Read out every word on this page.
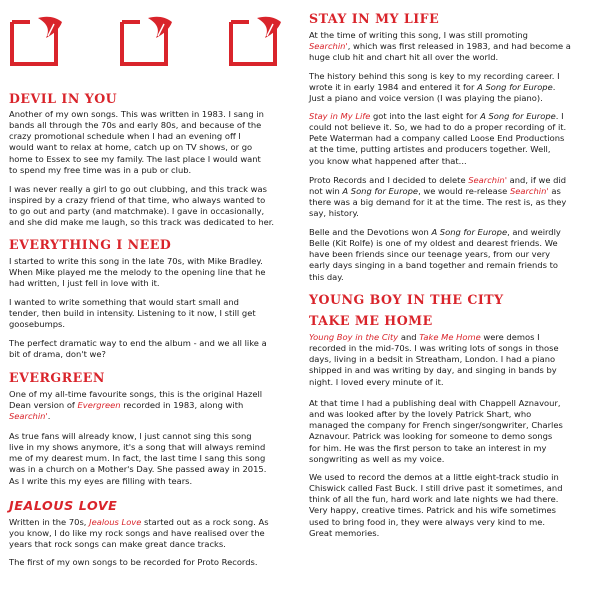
DEVIL IN YOU

Another of my own songs. This was written in 1983. I sang in
bands all through the 70s and early 80s, and because of the
crazy promotional schedule when I had an evening off I
would want to relax at home, catch up on TV shows, or go
home to Essex to see my family. The last place I would want
to spend my free time was in a pub or club.

I was never really a girl to go out clubbing, and this track was
inspired by a crazy friend of that time, who always wanted to
to go out and party (and matchmake). I gave in occasionally,
and she did make me laugh, so this track was dedicated to her.

EVERYTHING I NEED

I started to write this song in the late 70s, with Mike Bradley.
When Mike played me the melody to the opening line that he
had written, I just fell in love with it.

I wanted to write something that would start small and
tender, then build in intensity. Listening to it now, I still get
goosebumps.

The perfect dramatic way to end the album - and we all like a
bit of drama, don't we?

EVERGREEN

One of my all-time favourite songs, this is the original Hazell
Dean version of Evergreen recorded in 1983, along with
Searchin'.

As true fans will already know, I just cannot sing this song
live in my shows anymore, it's a song that will always remind
me of my dearest mum. In fact, the last time I sang this song
was in a church on a Mother's Day. She passed away in 2015.
As I write this my eyes are filling with tears.

JEALOUS LOVE

Written in the 70s, Jealous Love started out as a rock song. As
you know, I do like my rock songs and have realised over the
years that rock songs can make great dance tracks.

The first of my own songs to be recorded for Proto Records.

STAY IN MY LIFE

At the time of writing this song, I was still promoting
Searchin', which was first released in 1983, and had become a
huge club hit and chart hit all over the world.

The history behind this song is key to my recording career. I
wrote it in early 1984 and entered it for A Song for Europe.
Just a piano and voice version (I was playing the piano).

Stay in My Life got into the last eight for A Song for Europe. I
could not believe it. So, we had to do a proper recording of it.
Pete Waterman had a company called Loose End Productions
at the time, putting artistes and producers together. Well,
you know what happened after that...

Proto Records and I decided to delete Searchin' and, if we did
not win A Song for Europe, we would re-release Searchin' as
there was a big demand for it at the time. The rest is, as they
say, history.

Belle and the Devotions won A Song for Europe, and weirdly
Belle (Kit Rolfe) is one of my oldest and dearest friends. We
have been friends since our teenage years, from our very
early days singing in a band together and remain friends to
this day.

YOUNG BOY IN THE CITY
TAKE ME HOME

Young Boy in the City and Take Me Home were demos I
recorded in the mid-70s. I was writing lots of songs in those
days, living in a bedsit in Streatham, London. I had a piano
shipped in and was writing by day, and singing in bands by
night. I loved every minute of it.

At that time I had a publishing deal with Chappell Aznavour,
and was looked after by the lovely Patrick Shart, who
managed the company for French singer/songwriter, Charles
Aznavour. Patrick was looking for someone to demo songs
for him. He was the first person to take an interest in my
songwriting as well as my voice.

We used to record the demos at a little eight-track studio in
Chiswick called Fast Buck. I still drive past it sometimes, and
think of all the fun, hard work and late nights we had there.
Very happy, creative times. Patrick and his wife sometimes
used to bring food in, they were always very kind to me.
Great memories.
